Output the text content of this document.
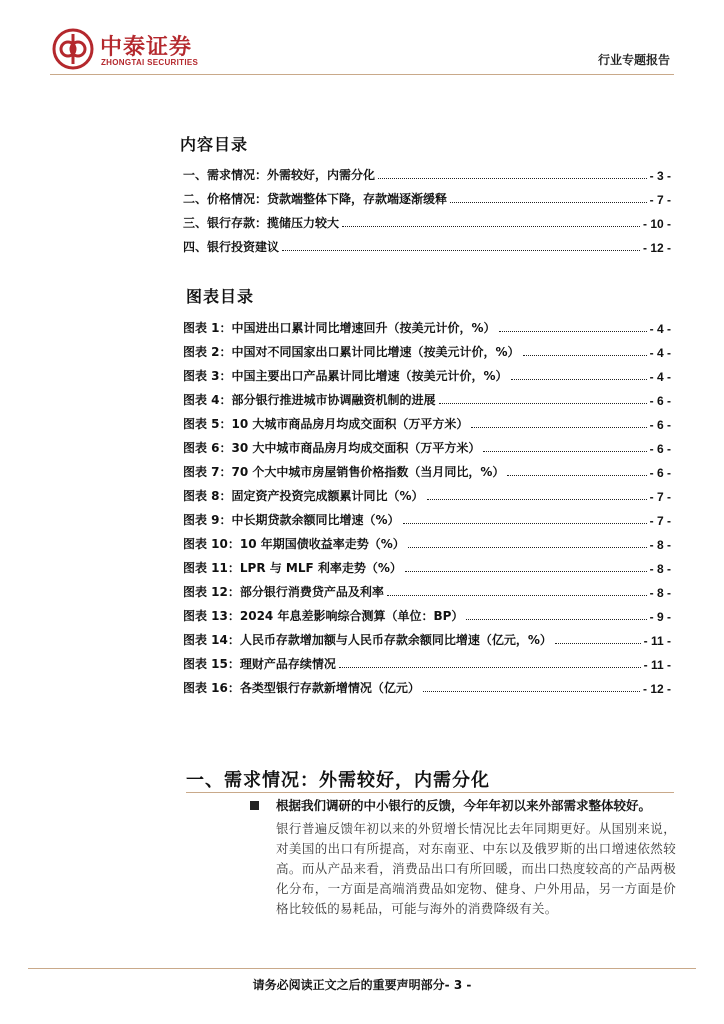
中泰证券
ZHONGTAI SECURITIES	行业专题报告
内容目录
一、需求情况：外需较好，内需分化	- 3 -
二、价格情况：贷款端整体下降，存款端逐渐缓释	- 7 -
三、银行存款：揽储压力较大	- 10 -
四、银行投资建议	- 12 -
图表目录
图表 1：中国进出口累计同比增速回升（按美元计价，%）	- 4 -
图表 2：中国对不同国家出口累计同比增速（按美元计价，%）	- 4 -
图表 3：中国主要出口产品累计同比增速（按美元计价，%）	- 4 -
图表 4：部分银行推进城市协调融资机制的进展	- 6 -
图表 5：10 大城市商品房月均成交面积（万平方米）	- 6 -
图表 6：30 大中城市商品房月均成交面积（万平方米）	- 6 -
图表 7：70 个大中城市房屋销售价格指数（当月同比，%）	- 6 -
图表 8：固定资产投资完成额累计同比（%）	- 7 -
图表 9：中长期贷款余额同比增速（%）	- 7 -
图表 10：10 年期国债收益率走势（%）	- 8 -
图表 11：LPR 与 MLF 利率走势（%）	- 8 -
图表 12：部分银行消费贷产品及利率	- 8 -
图表 13：2024 年息差影响综合测算（单位：BP）	- 9 -
图表 14：人民币存款增加额与人民币存款余额同比增速（亿元，%）	- 11 -
图表 15：理财产品存续情况	- 11 -
图表 16：各类型银行存款新增情况（亿元）	- 12 -
一、需求情况：外需较好，内需分化
根据我们调研的中小银行的反馈，今年年初以来外部需求整体较好。
银行普遍反馈年初以来的外贸增长情况比去年同期更好。从国别来说，对美国的出口有所提高，对东南亚、中东以及俄罗斯的出口增速依然较高。而从产品来看，消费品出口有所回暖，而出口热度较高的产品两极化分布，一方面是高端消费品如宠物、健身、户外用品，另一方面是价格比较低的易耗品，可能与海外的消费降级有关。
请务必阅读正文之后的重要声明部分- 3 -
